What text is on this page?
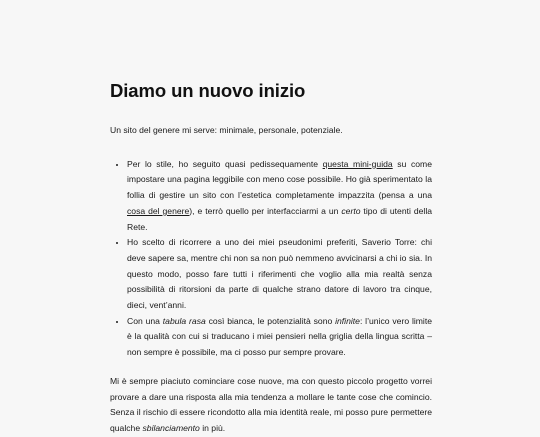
Diamo un nuovo inizio

Un sito del genere mi serve: minimale, personale, potenziale.

• Per lo stile, ho seguito quasi pedissequamente questa mini-guida su come impostare una pagina leggibile con meno cose possibile. Ho già sperimentato la follia di gestire un sito con l’estetica completamente impazzita (pensa a una cosa del genere), e terrò quello per interfacciarmi a un certo tipo di utenti della Rete.
• Ho scelto di ricorrere a uno dei miei pseudonimi preferiti, Saverio Torre: chi deve sapere sa, mentre chi non sa non può nemmeno avvicinarsi a chi io sia. In questo modo, posso fare tutti i riferimenti che voglio alla mia realtà senza possibilità di ritorsioni da parte di qualche strano datore di lavoro tra cinque, dieci, vent’anni.
• Con una tabula rasa così bianca, le potenzialità sono infinite: l’unico vero limite è la qualità con cui si traducano i miei pensieri nella griglia della lingua scritta – non sempre è possibile, ma ci posso pur sempre provare.

Mi è sempre piaciuto cominciare cose nuove, ma con questo piccolo progetto vorrei provare a dare una risposta alla mia tendenza a mollare le tante cose che comincio. Senza il rischio di essere ricondotto alla mia identità reale, mi posso pure permettere qualche sbilanciamento in più.
